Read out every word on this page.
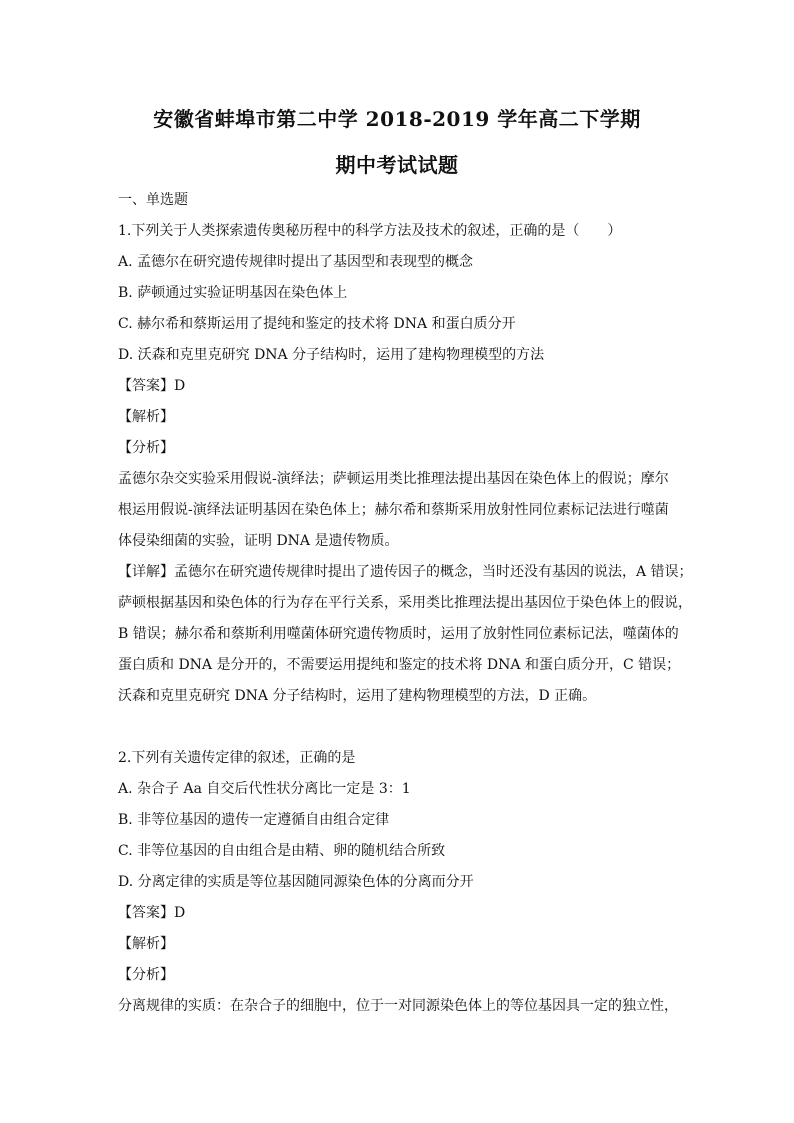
安徽省蚌埠市第二中学 2018-2019 学年高二下学期
期中考试试题

一、单选题

1.下列关于人类探索遗传奥秘历程中的科学方法及技术的叙述，正确的是（　　）

A. 孟德尔在研究遗传规律时提出了基因型和表现型的概念

B. 萨顿通过实验证明基因在染色体上

C. 赫尔希和蔡斯运用了提纯和鉴定的技术将 DNA 和蛋白质分开

D. 沃森和克里克研究 DNA 分子结构时，运用了建构物理模型的方法

【答案】D

【解析】

【分析】

孟德尔杂交实验采用假说-演绎法；萨顿运用类比推理法提出基因在染色体上的假说；摩尔

根运用假说-演绎法证明基因在染色体上；赫尔希和蔡斯采用放射性同位素标记法进行噬菌

体侵染细菌的实验，证明 DNA 是遗传物质。

【详解】孟德尔在研究遗传规律时提出了遗传因子的概念，当时还没有基因的说法，A 错误；

萨顿根据基因和染色体的行为存在平行关系，采用类比推理法提出基因位于染色体上的假说，

B 错误；赫尔希和蔡斯利用噬菌体研究遗传物质时，运用了放射性同位素标记法，噬菌体的

蛋白质和 DNA 是分开的，不需要运用提纯和鉴定的技术将 DNA 和蛋白质分开，C 错误；

沃森和克里克研究 DNA 分子结构时，运用了建构物理模型的方法，D 正确。

2.下列有关遗传定律的叙述，正确的是

A. 杂合子 Aa 自交后代性状分离比一定是 3：1

B. 非等位基因的遗传一定遵循自由组合定律

C. 非等位基因的自由组合是由精、卵的随机结合所致

D. 分离定律的实质是等位基因随同源染色体的分离而分开

【答案】D

【解析】

【分析】

分离规律的实质：在杂合子的细胞中，位于一对同源染色体上的等位基因具一定的独立性，
